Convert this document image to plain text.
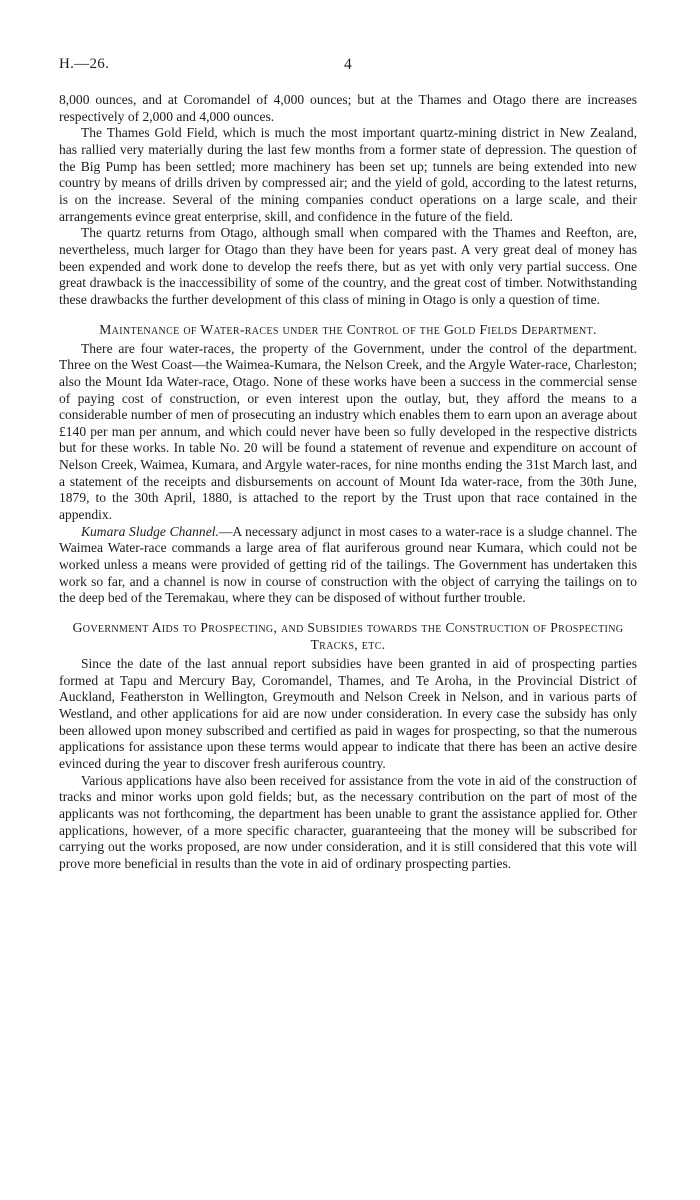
H.—26.	4

8,000 ounces, and at Coromandel of 4,000 ounces; but at the Thames and Otago there are increases respectively of 2,000 and 4,000 ounces.

The Thames Gold Field, which is much the most important quartz-mining district in New Zealand, has rallied very materially during the last few months from a former state of depression. The question of the Big Pump has been settled; more machinery has been set up; tunnels are being extended into new country by means of drills driven by compressed air; and the yield of gold, according to the latest returns, is on the increase. Several of the mining companies conduct operations on a large scale, and their arrangements evince great enterprise, skill, and confidence in the future of the field.

The quartz returns from Otago, although small when compared with the Thames and Reefton, are, nevertheless, much larger for Otago than they have been for years past. A very great deal of money has been expended and work done to develop the reefs there, but as yet with only very partial success. One great drawback is the inaccessibility of some of the country, and the great cost of timber. Notwithstanding these drawbacks the further development of this class of mining in Otago is only a question of time.

Maintenance of Water-races under the Control of the Gold Fields Department.

There are four water-races, the property of the Government, under the control of the department. Three on the West Coast—the Waimea-Kumara, the Nelson Creek, and the Argyle Water-race, Charleston; also the Mount Ida Water-race, Otago. None of these works have been a success in the commercial sense of paying cost of construction, or even interest upon the outlay, but, they afford the means to a considerable number of men of prosecuting an industry which enables them to earn upon an average about £140 per man per annum, and which could never have been so fully developed in the respective districts but for these works. In table No. 20 will be found a statement of revenue and expenditure on account of Nelson Creek, Waimea, Kumara, and Argyle water-races, for nine months ending the 31st March last, and a statement of the receipts and disbursements on account of Mount Ida water-race, from the 30th June, 1879, to the 30th April, 1880, is attached to the report by the Trust upon that race contained in the appendix.

Kumara Sludge Channel.—A necessary adjunct in most cases to a water-race is a sludge channel. The Waimea Water-race commands a large area of flat auriferous ground near Kumara, which could not be worked unless a means were provided of getting rid of the tailings. The Government has undertaken this work so far, and a channel is now in course of construction with the object of carrying the tailings on to the deep bed of the Teremakau, where they can be disposed of without further trouble.

Government Aids to Prospecting, and Subsidies towards the Construction of Prospecting Tracks, etc.

Since the date of the last annual report subsidies have been granted in aid of prospecting parties formed at Tapu and Mercury Bay, Coromandel, Thames, and Te Aroha, in the Provincial District of Auckland, Featherston in Wellington, Greymouth and Nelson Creek in Nelson, and in various parts of Westland, and other applications for aid are now under consideration. In every case the subsidy has only been allowed upon money subscribed and certified as paid in wages for prospecting, so that the numerous applications for assistance upon these terms would appear to indicate that there has been an active desire evinced during the year to discover fresh auriferous country.

Various applications have also been received for assistance from the vote in aid of the construction of tracks and minor works upon gold fields; but, as the necessary contribution on the part of most of the applicants was not forthcoming, the department has been unable to grant the assistance applied for. Other applications, however, of a more specific character, guaranteeing that the money will be subscribed for carrying out the works proposed, are now under consideration, and it is still considered that this vote will prove more beneficial in results than the vote in aid of ordinary prospecting parties.
